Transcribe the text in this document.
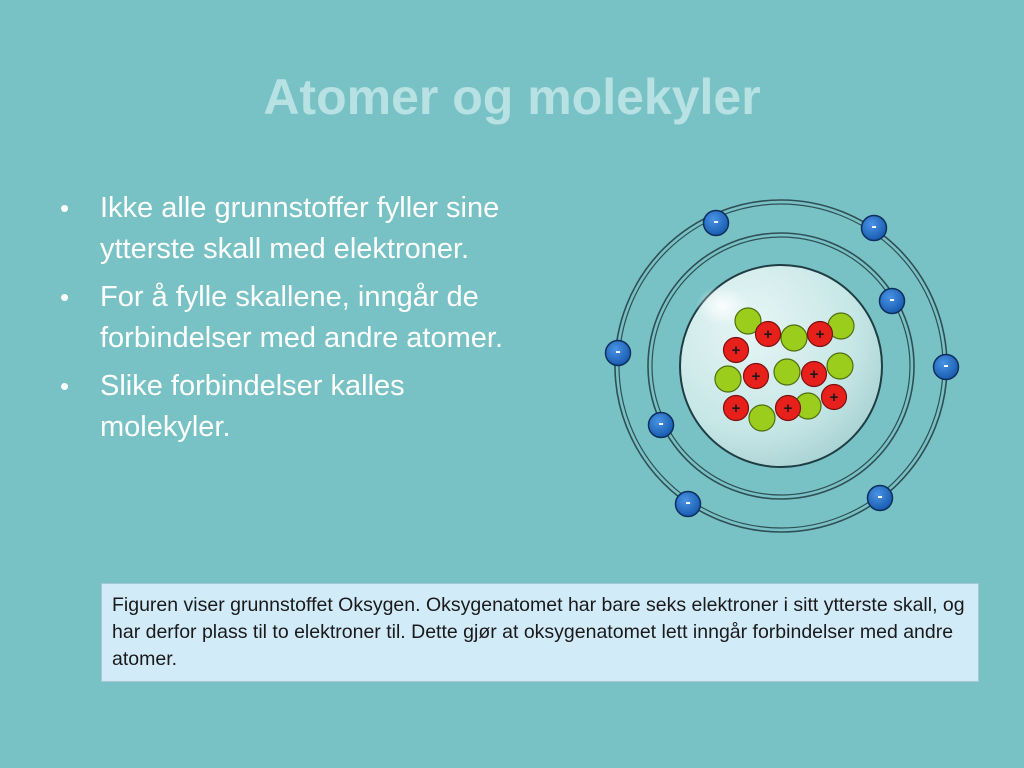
Atomer og molekyler
• Ikke alle grunnstoffer fyller sine ytterste skall med elektroner.
• For å fylle skallene, inngår de forbindelser med andre atomer.
• Slike forbindelser kalles molekyler.
+	+
+
+	+
+	+
+
-	-
-
-
-
-
-
-
Figuren viser grunnstoffet Oksygen. Oksygenatomet har bare seks elektroner i sitt ytterste skall, og har derfor plass til to elektroner til. Dette gjør at oksygenatomet lett inngår forbindelser med andre atomer.
